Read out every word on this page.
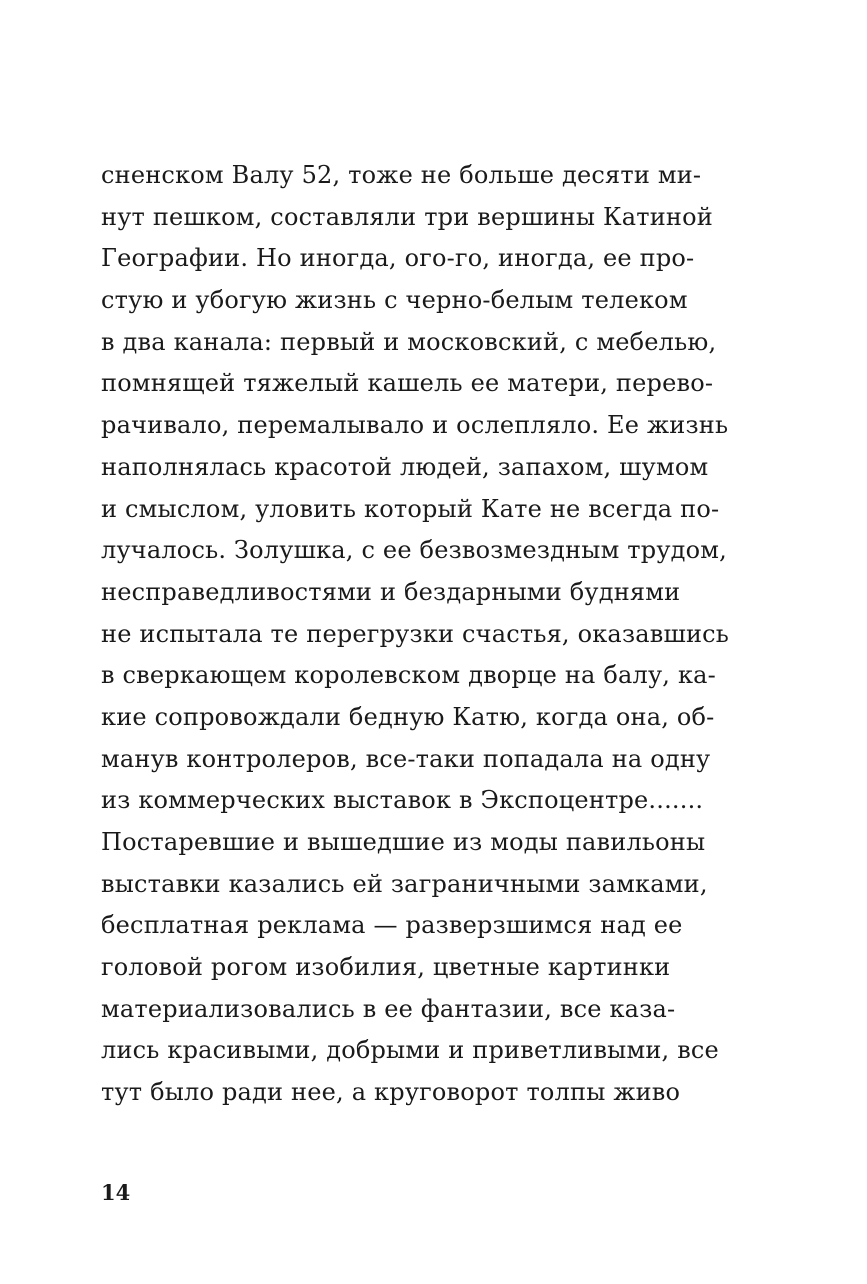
сненском Валу 52, тоже не больше десяти ми-
нут пешком, составляли три вершины Катиной
Географии. Но иногда, ого-го, иногда, ее про-
стую и убогую жизнь с черно-белым телеком
в два канала: первый и московский, с мебелью,
помнящей тяжелый кашель ее матери, перево-
рачивало, перемалывало и ослепляло. Ее жизнь
наполнялась красотой людей, запахом, шумом
и смыслом, уловить который Кате не всегда по-
лучалось. Золушка, с ее безвозмездным трудом,
несправедливостями и бездарными буднями
не испытала те перегрузки счастья, оказавшись
в сверкающем королевском дворце на балу, ка-
кие сопровождали бедную Катю, когда она, об-
манув контролеров, все-таки попадала на одну
из коммерческих выставок в Экспоцентре.......
Постаревшие и вышедшие из моды павильоны
выставки казались ей заграничными замками,
бесплатная реклама — разверзшимся над ее
головой рогом изобилия, цветные картинки
материализовались в ее фантазии, все каза-
лись красивыми, добрыми и приветливыми, все
тут было ради нее, а круговорот толпы живо
14
